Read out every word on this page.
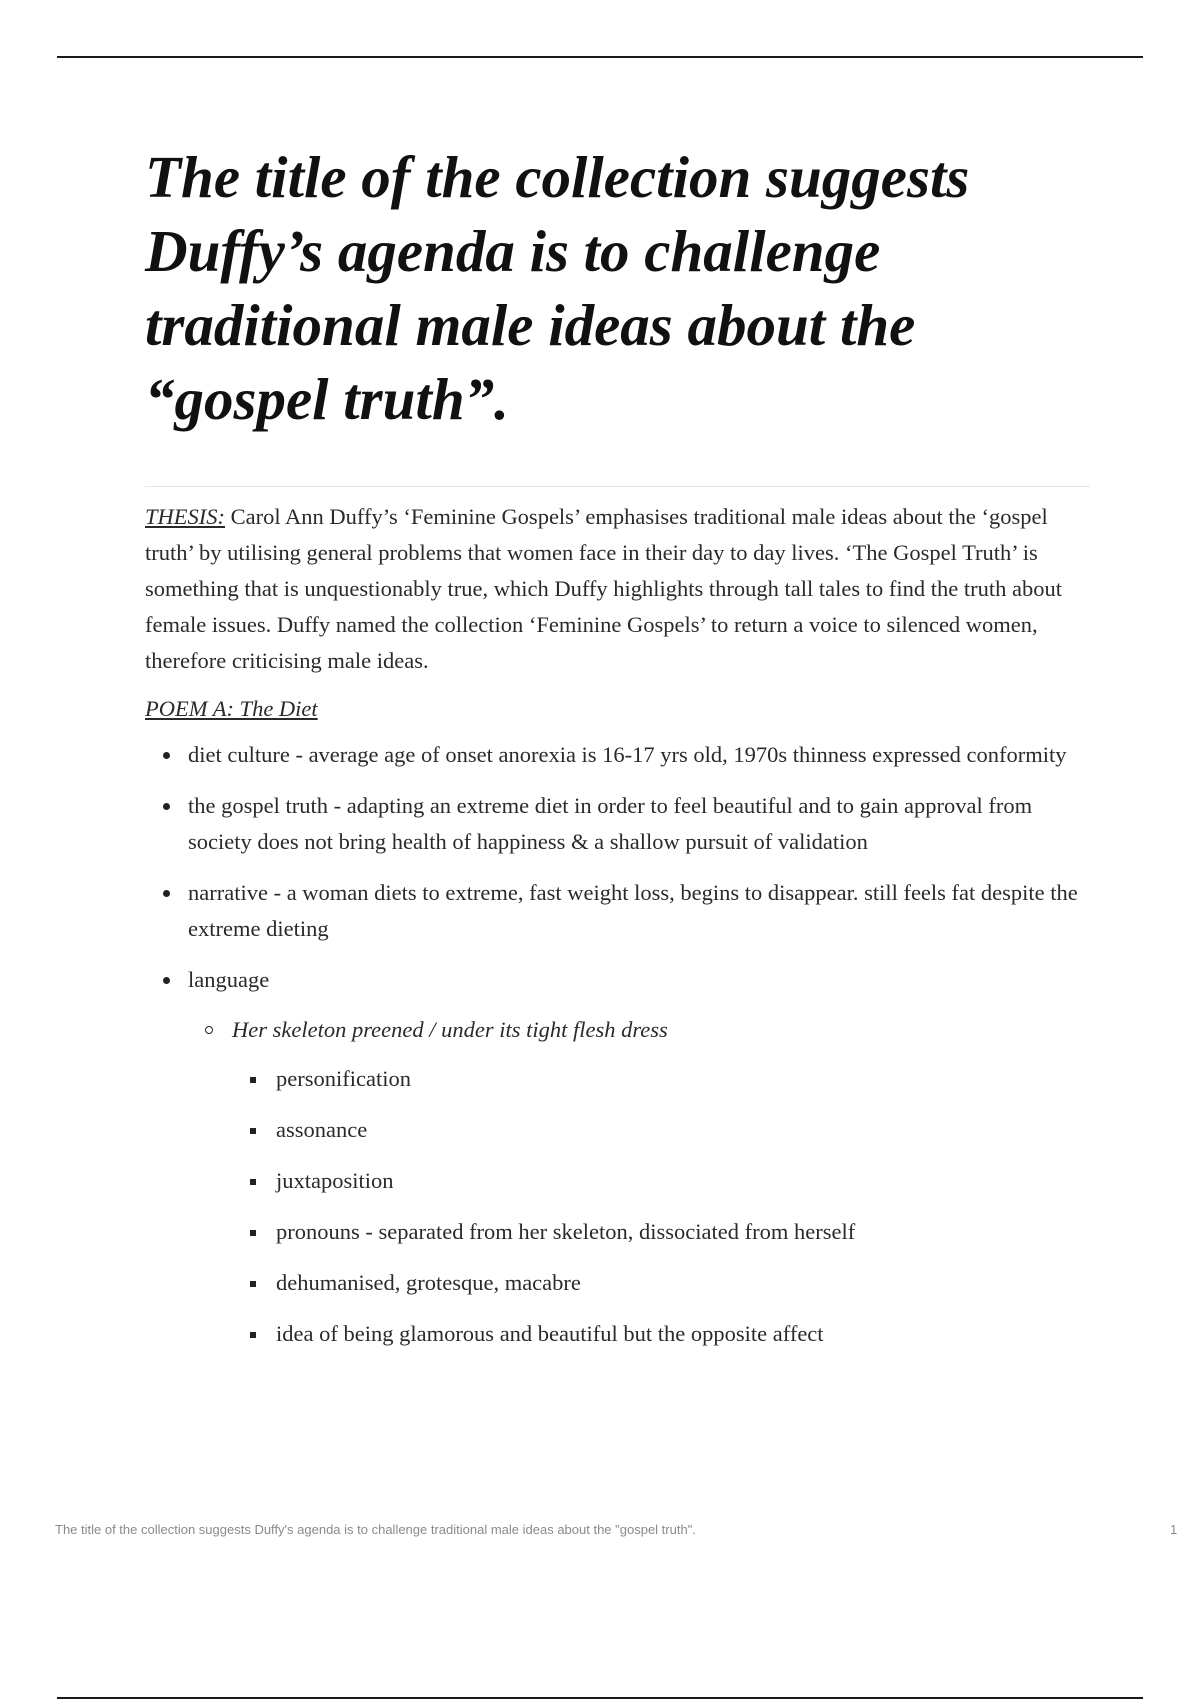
The title of the collection suggests Duffy’s agenda is to challenge traditional male ideas about the “gospel truth”.

THESIS: Carol Ann Duffy’s ‘Feminine Gospels’ emphasises traditional male ideas about the ‘gospel truth’ by utilising general problems that women face in their day to day lives. ‘The Gospel Truth’ is something that is unquestionably true, which Duffy highlights through tall tales to find the truth about female issues. Duffy named the collection ‘Feminine Gospels’ to return a voice to silenced women, therefore criticising male ideas.

POEM A: The Diet

diet culture - average age of onset anorexia is 16-17 yrs old, 1970s thinness expressed conformity
the gospel truth - adapting an extreme diet in order to feel beautiful and to gain approval from society does not bring health of happiness & a shallow pursuit of validation
narrative - a woman diets to extreme, fast weight loss, begins to disappear. still feels fat despite the extreme dieting
language
Her skeleton preened / under its tight flesh dress
personification
assonance
juxtaposition
pronouns - separated from her skeleton, dissociated from herself
dehumanised, grotesque, macabre
idea of being glamorous and beautiful but the opposite affect
The title of the collection suggests Duffy's agenda is to challenge traditional male ideas about the "gospel truth".	1
